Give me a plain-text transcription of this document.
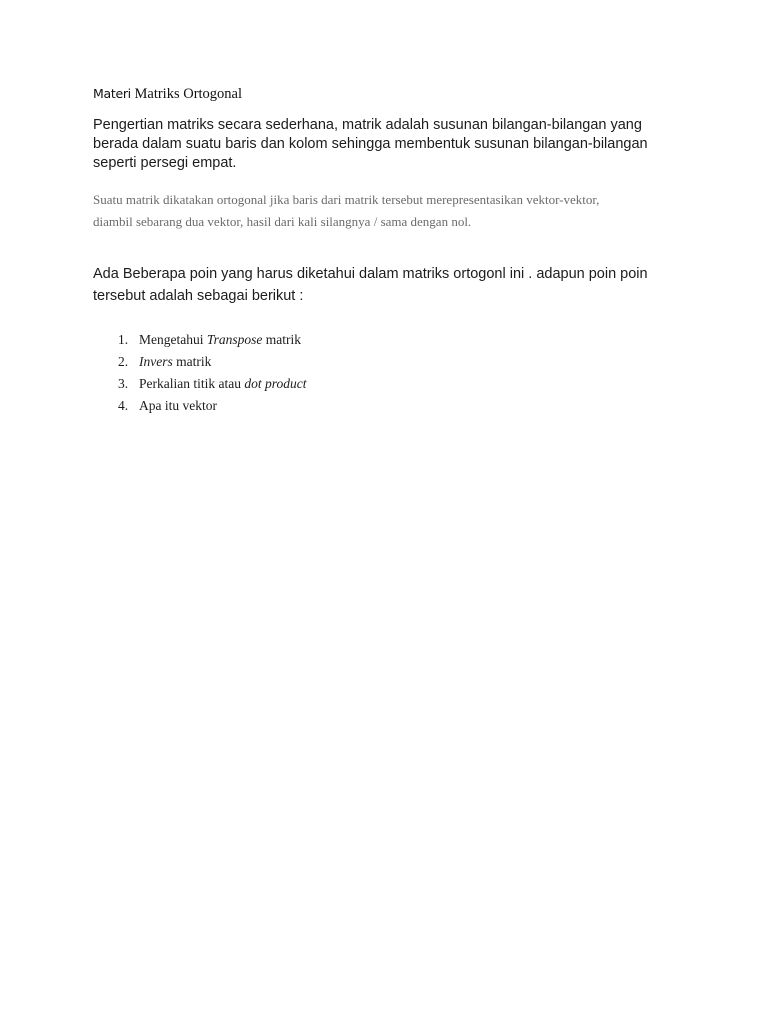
Materi Matriks Ortogonal
Pengertian matriks secara sederhana, matrik adalah susunan bilangan-bilangan yang
berada dalam suatu baris dan kolom sehingga membentuk susunan bilangan-bilangan
seperti persegi empat.
Suatu matrik dikatakan ortogonal jika baris dari matrik tersebut merepresentasikan vektor-vektor,
diambil sebarang dua vektor, hasil dari kali silangnya / sama dengan nol.
Ada Beberapa poin yang harus diketahui dalam matriks ortogonl ini . adapun poin poin
tersebut adalah sebagai berikut :
1. Mengetahui Transpose matrik
2. Invers matrik
3. Perkalian titik atau dot product
4. Apa itu vektor
